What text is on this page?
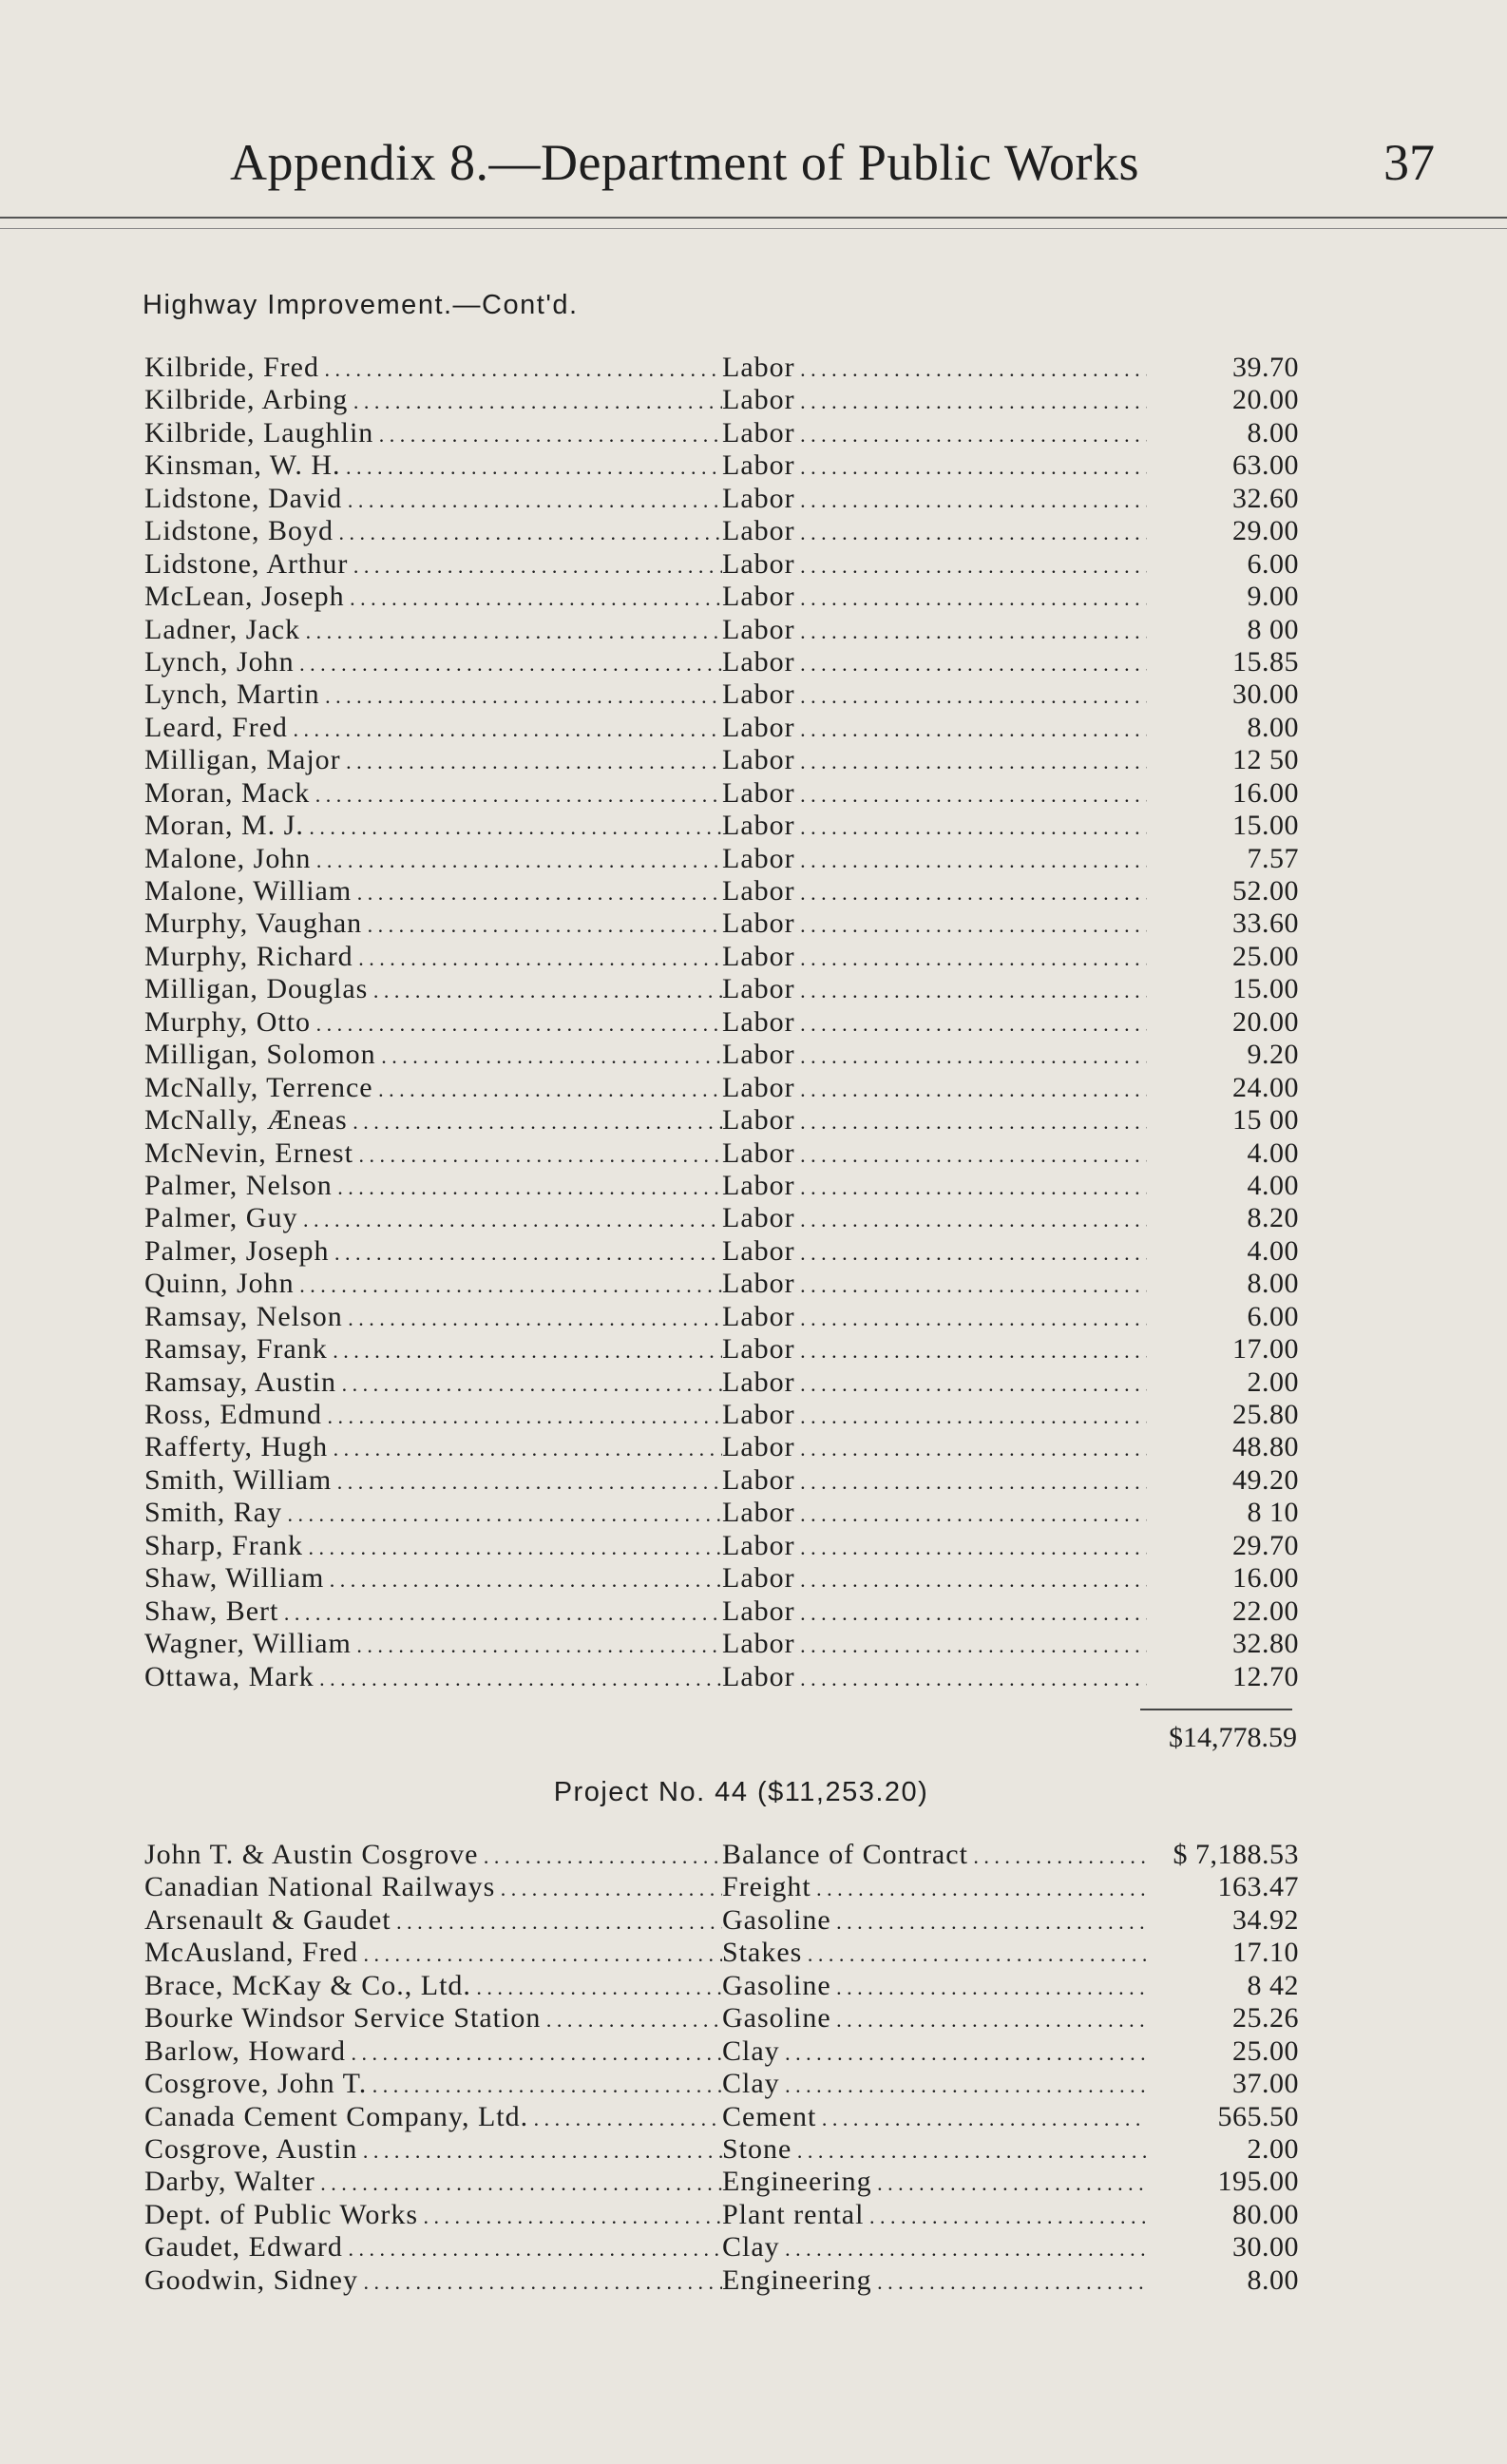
Appendix 8.—Department of Public Works	37
Highway Improvement.—Cont'd.
Kilbride, Fred . . .	Labor . . .	39.70
Kilbride, Arbing . . .	Labor . . .	20.00
Kilbride, Laughlin . . .	Labor . . .	8.00
Kinsman, W. H. . . .	Labor . . .	63.00
Lidstone, David . . .	Labor . . .	32.60
Lidstone, Boyd . . .	Labor . . .	29.00
Lidstone, Arthur . . .	Labor . . .	6.00
McLean, Joseph . . .	Labor . . .	9.00
Ladner, Jack . . .	Labor . . .	8 00
Lynch, John . . .	Labor . . .	15.85
Lynch, Martin . . .	Labor . . .	30.00
Leard, Fred . . .	Labor . . .	8.00
Milligan, Major . . .	Labor . . .	12 50
Moran, Mack . . .	Labor . . .	16.00
Moran, M. J. . . .	Labor . . .	15.00
Malone, John . . .	Labor . . .	7.57
Malone, William . . .	Labor . . .	52.00
Murphy, Vaughan . . .	Labor . . .	33.60
Murphy, Richard . . .	Labor . . .	25.00
Milligan, Douglas . . .	Labor . . .	15.00
Murphy, Otto . . .	Labor . . .	20.00
Milligan, Solomon . . .	Labor . . .	9.20
McNally, Terrence . . .	Labor . . .	24.00
McNally, Æneas . . .	Labor . . .	15 00
McNevin, Ernest . . .	Labor . . .	4.00
Palmer, Nelson . . .	Labor . . .	4.00
Palmer, Guy . . .	Labor . . .	8.20
Palmer, Joseph . . .	Labor . . .	4.00
Quinn, John . . .	Labor . . .	8.00
Ramsay, Nelson . . .	Labor . . .	6.00
Ramsay, Frank . . .	Labor . . .	17.00
Ramsay, Austin . . .	Labor . . .	2.00
Ross, Edmund . . .	Labor . . .	25.80
Rafferty, Hugh . . .	Labor . . .	48.80
Smith, William . . .	Labor . . .	49.20
Smith, Ray . . .	Labor . . .	8 10
Sharp, Frank . . .	Labor . . .	29.70
Shaw, William . . .	Labor . . .	16.00
Shaw, Bert . . .	Labor . . .	22.00
Wagner, William . . .	Labor . . .	32.80
Ottawa, Mark . . .	Labor . . .	12.70
$14,778.59
Project No. 44 ($11,253.20)
John T. & Austin Cosgrove . . .	Balance of Contract . . .	$ 7,188.53
Canadian National Railways . . .	Freight . . .	163.47
Arsenault & Gaudet . . .	Gasoline . . .	34.92
McAusland, Fred . . .	Stakes . . .	17.10
Brace, McKay & Co., Ltd. . . .	Gasoline . . .	8 42
Bourke Windsor Service Station . . .	Gasoline . . .	25.26
Barlow, Howard . . .	Clay . . .	25.00
Cosgrove, John T. . . .	Clay . . .	37.00
Canada Cement Company, Ltd. . . .	Cement . . .	565.50
Cosgrove, Austin . . .	Stone . . .	2.00
Darby, Walter . . .	Engineering . . .	195.00
Dept. of Public Works . . .	Plant rental . . .	80.00
Gaudet, Edward . . .	Clay . . .	30.00
Goodwin, Sidney . . .	Engineering . . .	8.00
